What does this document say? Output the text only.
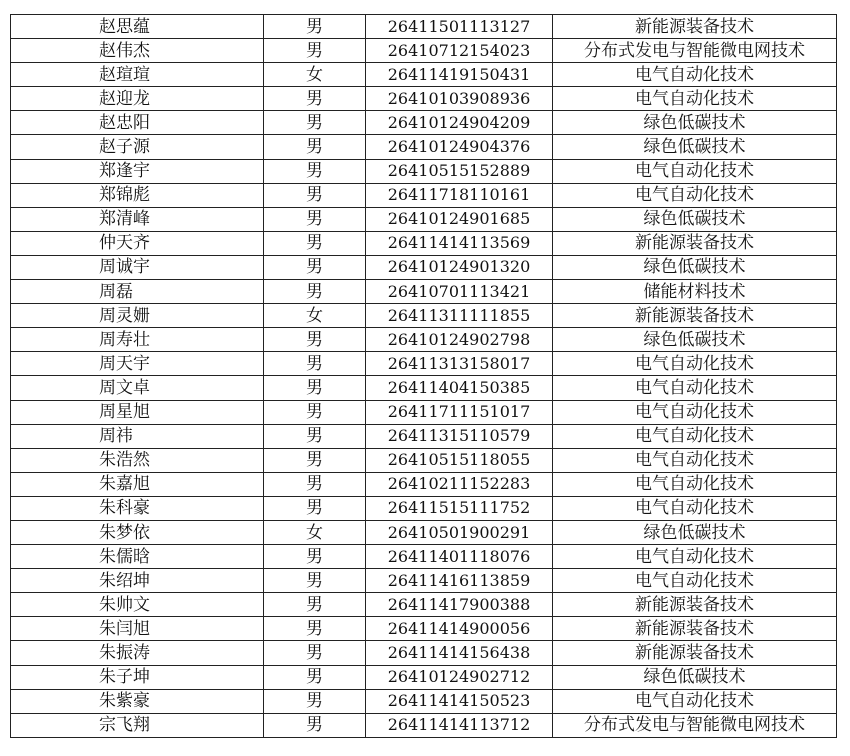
赵思蕴	男	26411501113127	新能源装备技术
赵伟杰	男	26410712154023	分布式发电与智能微电网技术
赵瑄瑄	女	26411419150431	电气自动化技术
赵迎龙	男	26410103908936	电气自动化技术
赵忠阳	男	26410124904209	绿色低碳技术
赵子源	男	26410124904376	绿色低碳技术
郑逢宇	男	26410515152889	电气自动化技术
郑锦彪	男	26411718110161	电气自动化技术
郑清峰	男	26410124901685	绿色低碳技术
仲天齐	男	26411414113569	新能源装备技术
周诚宇	男	26410124901320	绿色低碳技术
周磊	男	26410701113421	储能材料技术
周灵姗	女	26411311111855	新能源装备技术
周寿壮	男	26410124902798	绿色低碳技术
周天宇	男	26411313158017	电气自动化技术
周文卓	男	26411404150385	电气自动化技术
周星旭	男	26411711151017	电气自动化技术
周祎	男	26411315110579	电气自动化技术
朱浩然	男	26410515118055	电气自动化技术
朱嘉旭	男	26410211152283	电气自动化技术
朱科豪	男	26411515111752	电气自动化技术
朱梦依	女	26410501900291	绿色低碳技术
朱儒晗	男	26411401118076	电气自动化技术
朱绍坤	男	26411416113859	电气自动化技术
朱帅文	男	26411417900388	新能源装备技术
朱闫旭	男	26411414900056	新能源装备技术
朱振涛	男	26411414156438	新能源装备技术
朱子坤	男	26410124902712	绿色低碳技术
朱紫豪	男	26411414150523	电气自动化技术
宗飞翔	男	26411414113712	分布式发电与智能微电网技术
